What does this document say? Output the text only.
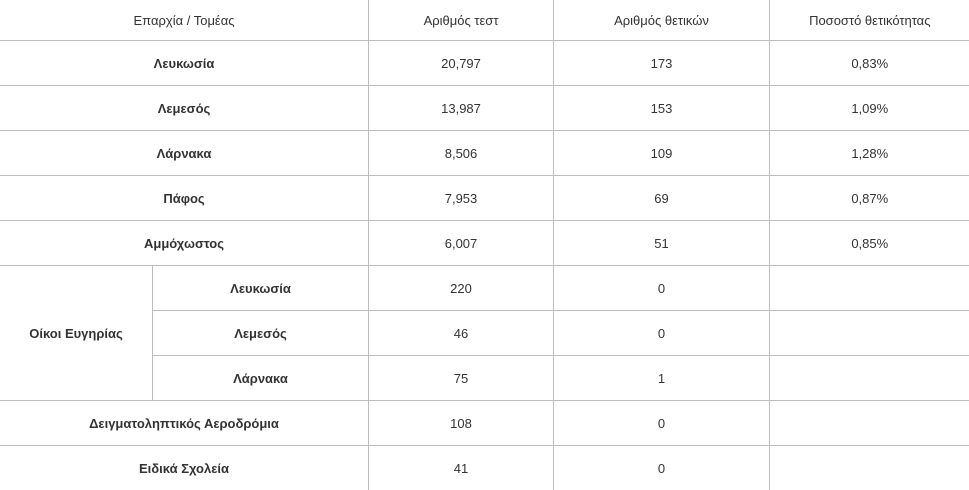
Επαρχία / Τομέας		Αριθμός τεστ	Αριθμός θετικών	Ποσοστό θετικότητας
Λευκωσία		20,797	173	0,83%
Λεμεσός		13,987	153	1,09%
Λάρνακα		8,506	109	1,28%
Πάφος		7,953	69	0,87%
Αμμόχωστος		6,007	51	0,85%
Οίκοι Ευγηρίας	Λευκωσία	220	0	
	Λεμεσός	46	0	
	Λάρνακα	75	1	
Δειγματοληπτικός Αεροδρόμια		108	0	
Ειδικά Σχολεία		41	0	
